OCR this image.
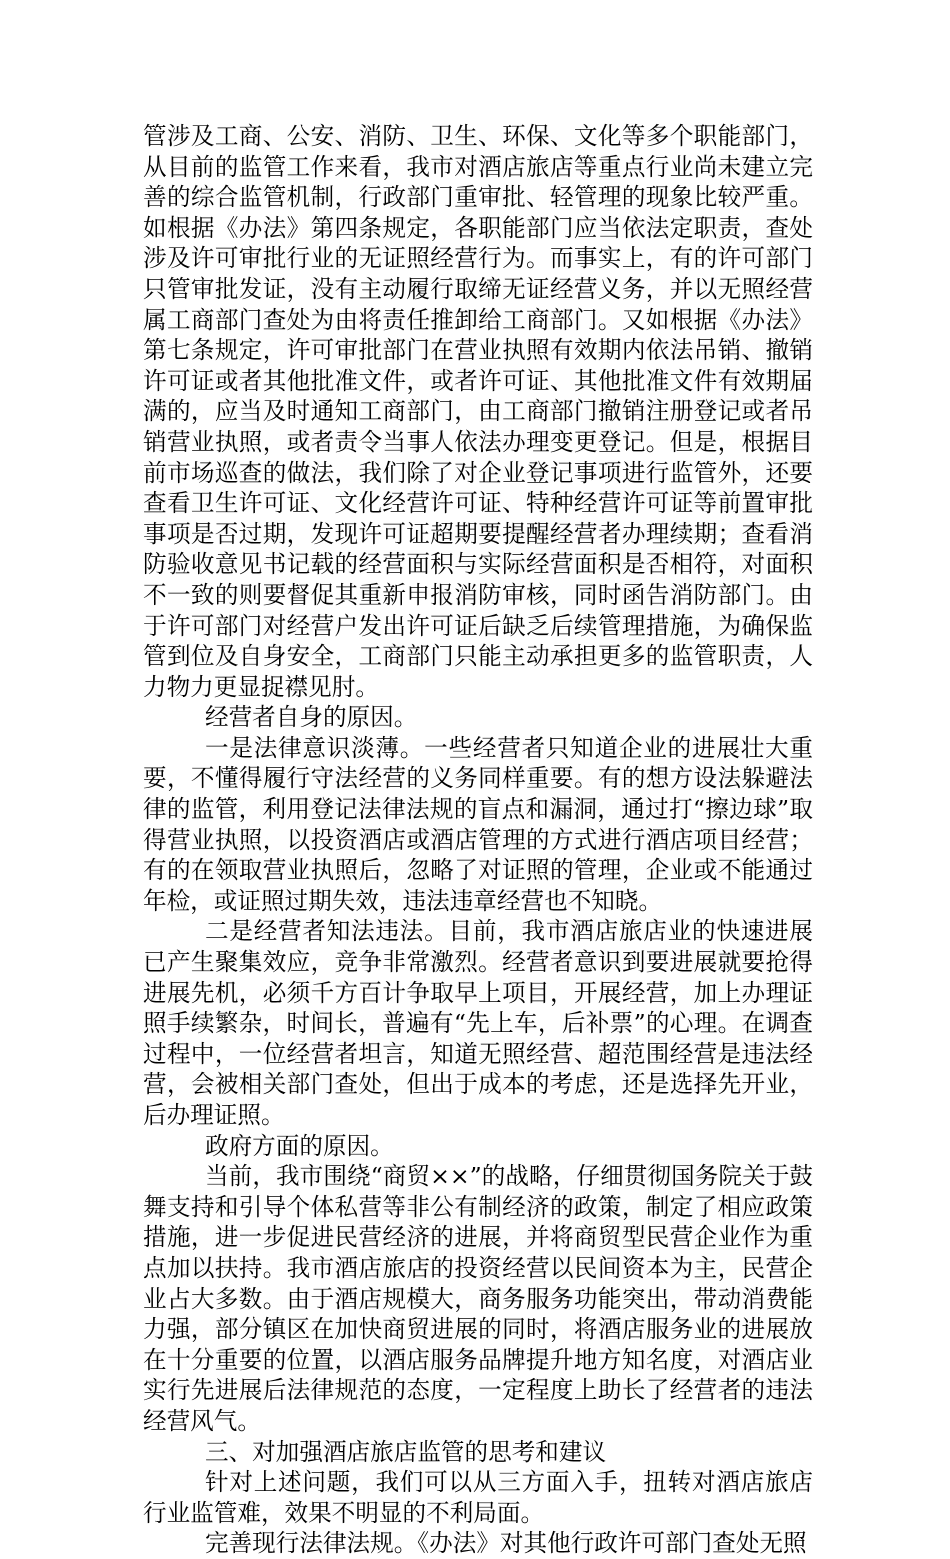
管涉及工商、公安、消防、卫生、环保、文化等多个职能部门，从目前的监管工作来看，我市对酒店旅店等重点行业尚未建立完善的综合监管机制，行政部门重审批、轻管理的现象比较严重。如根据《办法》第四条规定，各职能部门应当依法定职责，查处涉及许可审批行业的无证照经营行为。而事实上，有的许可部门只管审批发证，没有主动履行取缔无证经营义务，并以无照经营属工商部门查处为由将责任推卸给工商部门。又如根据《办法》第七条规定，许可审批部门在营业执照有效期内依法吊销、撤销许可证或者其他批准文件，或者许可证、其他批准文件有效期届满的，应当及时通知工商部门，由工商部门撤销注册登记或者吊销营业执照，或者责令当事人依法办理变更登记。但是，根据目前市场巡查的做法，我们除了对企业登记事项进行监管外，还要查看卫生许可证、文化经营许可证、特种经营许可证等前置审批事项是否过期，发现许可证超期要提醒经营者办理续期；查看消防验收意见书记载的经营面积与实际经营面积是否相符，对面积不一致的则要督促其重新申报消防审核，同时函告消防部门。由于许可部门对经营户发出许可证后缺乏后续管理措施，为确保监管到位及自身安全，工商部门只能主动承担更多的监管职责，人力物力更显捉襟见肘。

经营者自身的原因。

一是法律意识淡薄。一些经营者只知道企业的进展壮大重要，不懂得履行守法经营的义务同样重要。有的想方设法躲避法律的监管，利用登记法律法规的盲点和漏洞，通过打“擦边球”取得营业执照，以投资酒店或酒店管理的方式进行酒店项目经营；有的在领取营业执照后，忽略了对证照的管理，企业或不能通过年检，或证照过期失效，违法违章经营也不知晓。

二是经营者知法违法。目前，我市酒店旅店业的快速进展已产生聚集效应，竞争非常激烈。经营者意识到要进展就要抢得进展先机，必须千方百计争取早上项目，开展经营，加上办理证照手续繁杂，时间长，普遍有“先上车，后补票”的心理。在调查过程中，一位经营者坦言，知道无照经营、超范围经营是违法经营，会被相关部门查处，但出于成本的考虑，还是选择先开业，后办理证照。

政府方面的原因。

当前，我市围绕“商贸××”的战略，仔细贯彻国务院关于鼓舞支持和引导个体私营等非公有制经济的政策，制定了相应政策措施，进一步促进民营经济的进展，并将商贸型民营企业作为重点加以扶持。我市酒店旅店的投资经营以民间资本为主，民营企业占大多数。由于酒店规模大，商务服务功能突出，带动消费能力强，部分镇区在加快商贸进展的同时，将酒店服务业的进展放在十分重要的位置，以酒店服务品牌提升地方知名度，对酒店业实行先进展后法律规范的态度，一定程度上助长了经营者的违法经营风气。

三、对加强酒店旅店监管的思考和建议

针对上述问题，我们可以从三方面入手，扭转对酒店旅店行业监管难，效果不明显的不利局面。

完善现行法律法规。《办法》对其他行政许可部门查处无照
